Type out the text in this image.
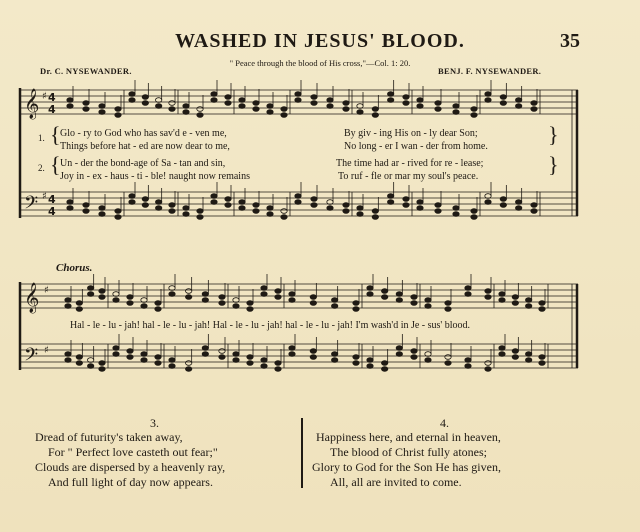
WASHED IN JESUS' BLOOD.	35
" Peace through the blood of His cross,"—Col. 1: 20.
Dr. C. NYSEWANDER.	BENJ. F. NYSEWANDER.
𝄞
𝄢
𝄞
𝄢
♯ 4
4
♯ 4
4
♯
♯
1. { Glo - ry to God who has sav'd e - ven me,	By giv - ing His on - ly dear Son;
Things before hat - ed are now dear to me,	No long - er I wan - der from home.	}
2. { Un - der the bond-age of Sa - tan and sin,	The time had ar - rived for re - lease;
Joy in - ex - haus - ti - ble! naught now remains	To ruf - fle or mar my soul's peace.	}
Chorus.
Hal - le - lu - jah! hal - le - lu - jah! Hal - le - lu - jah! hal - le - lu - jah! I'm wash'd in Je - sus' blood.
3.
Dread of futurity's taken away,
For " Perfect love casteth out fear;"
Clouds are dispersed by a heavenly ray,
And full light of day now appears.
4.
Happiness here, and eternal in heaven,
The blood of Christ fully atones;
Glory to God for the Son He has given,
All, all are invited to come.
